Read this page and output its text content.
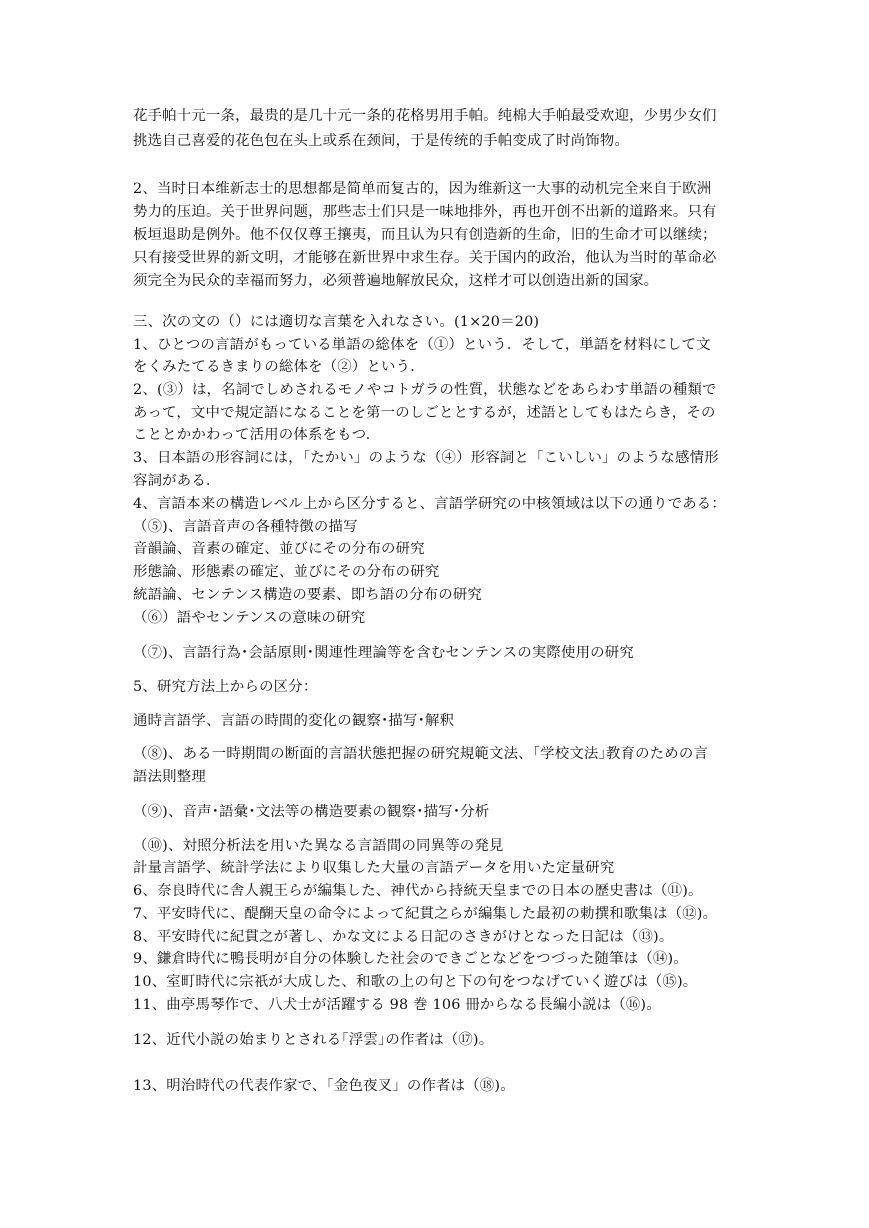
花手帕十元一条，最贵的是几十元一条的花格男用手帕。纯棉大手帕最受欢迎，少男少女们
挑选自己喜爱的花色包在头上或系在颈间，于是传统的手帕变成了时尚饰物。
2、当时日本维新志士的思想都是简单而复古的，因为维新这一大事的动机完全来自于欧洲
势力的压迫。关于世界问题，那些志士们只是一味地排外，再也开创不出新的道路来。只有
板垣退助是例外。他不仅仅尊王攘夷，而且认为只有创造新的生命，旧的生命才可以继续；
只有接受世界的新文明，才能够在新世界中求生存。关于国内的政治，他认为当时的革命必
须完全为民众的幸福而努力，必须普遍地解放民众，这样才可以创造出新的国家。
三、次の文の（）には適切な言葉を入れなさい。(1×20＝20)
1、ひとつの言語がもっている単語の総体を（①）という．そして，単語を材料にして文
をくみたてるきまりの総体を（②）という．
2、(③）は，名詞でしめされるモノやコトガラの性質，状態などをあらわす単語の種類で
あって，文中で規定語になることを第一のしごととするが，述語としてもはたらき，その
こととかかわって活用の体系をもつ．
3、日本語の形容詞には，「たかい」のような（④）形容詞と「こいしい」のような感情形
容詞がある．
4、言語本来の構造レベル上から区分すると、言語学研究の中核領域は以下の通りである：
（⑤)、言語音声の各種特徴の描写
音韻論、音素の確定、並びにその分布の研究
形態論、形態素の確定、並びにその分布の研究
統語論、センテンス構造の要素、即ち語の分布の研究
（⑥）語やセンテンスの意味の研究
（⑦)、言語行為･会話原則･関連性理論等を含むセンテンスの実際使用の研究
5、研究方法上からの区分：
通時言語学、言語の時間的変化の観察･描写･解釈
（⑧)、ある一時期間の断面的言語状態把握の研究規範文法、｢学校文法｣教育のための言
語法則整理
（⑨)、音声･語彙･文法等の構造要素の観察･描写･分析
（⑩)、対照分析法を用いた異なる言語間の同異等の発見
計量言語学、統計学法により収集した大量の言語データを用いた定量研究
6、奈良時代に舎人親王らが編集した、神代から持統天皇までの日本の歴史書は（⑪)。
7、平安時代に、醍醐天皇の命令によって紀貫之らが編集した最初の勅撰和歌集は（⑫)。
8、平安時代に紀貫之が著し、かな文による日記のさきがけとなった日記は（⑬)。
9、鎌倉時代に鴨長明が自分の体験した社会のできごとなどをつづった随筆は（⑭)。
10、室町時代に宗祇が大成した、和歌の上の句と下の句をつなげていく遊びは（⑮)。
11、曲亭馬琴作で、八犬士が活躍する 98 巻 106 冊からなる長編小説は（⑯)。
12、近代小説の始まりとされる｢浮雲｣の作者は（⑰)。
13、明治時代の代表作家で、「金色夜叉」の作者は（⑱)。
